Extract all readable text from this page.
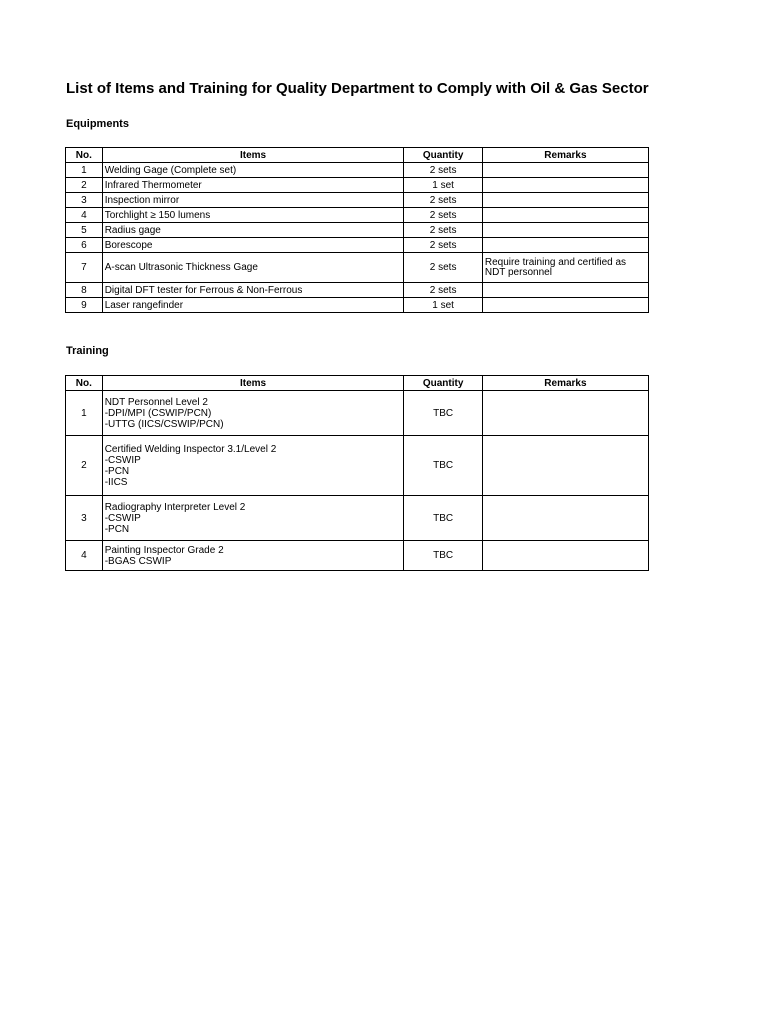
List of Items and Training for Quality Department to Comply with Oil & Gas Sector
Equipments
No.	Items	Quantity	Remarks
1	Welding Gage (Complete set)	2 sets	
2	Infrared Thermometer	1 set	
3	Inspection mirror	2 sets	
4	Torchlight ≥ 150 lumens	2 sets	
5	Radius gage	2 sets	
6	Borescope	2 sets	
7	A-scan Ultrasonic Thickness Gage	2 sets	Require training and certified as NDT personnel

8	Digital DFT tester for Ferrous & Non-Ferrous	2 sets	
9	Laser rangefinder	1 set	
Training
No.	Items	Quantity	Remarks
1	NDT Personnel Level 2
-DPI/MPI (CSWIP/PCN)
-UTTG (IICS/CSWIP/PCN)	TBC	
2	Certified Welding Inspector 3.1/Level 2
-CSWIP
-PCN
-IICS	TBC	
3	Radiography Interpreter Level 2
-CSWIP
-PCN	TBC	
4	Painting Inspector Grade 2
-BGAS CSWIP	TBC	
